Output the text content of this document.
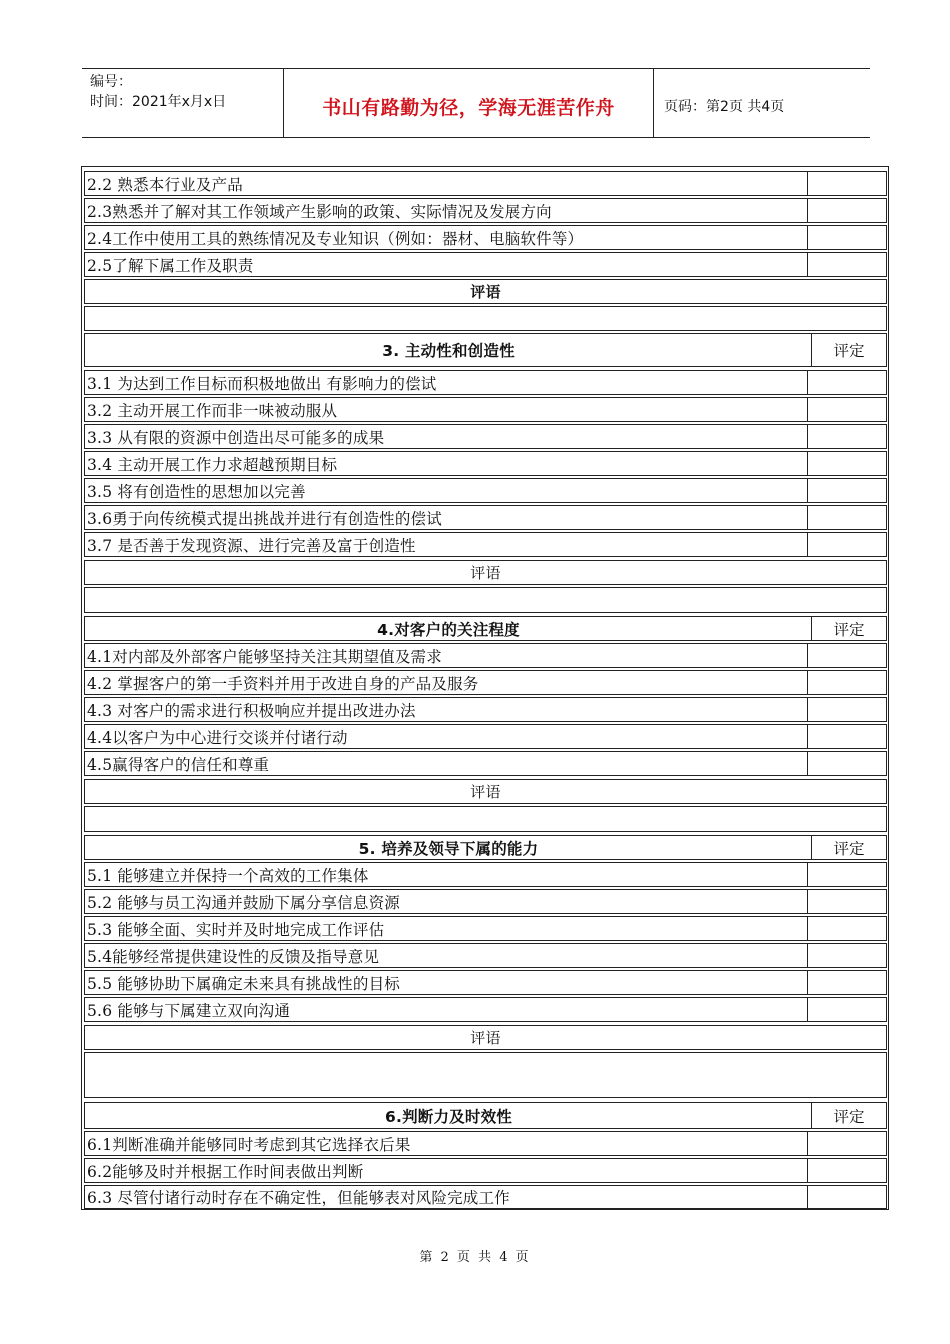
编号：
时间：2021年x月x日	书山有路勤为径，学海无涯苦作舟	页码：第2页 共4页
2.2 熟悉本行业及产品
2.3熟悉并了解对其工作领域产生影响的政策、实际情况及发展方向
2.4工作中使用工具的熟练情况及专业知识（例如：器材、电脑软件等）
2.5了解下属工作及职责
评语
3. 主动性和创造性	评定
3.1 为达到工作目标而积极地做出 有影响力的偿试
3.2 主动开展工作而非一味被动服从
3.3 从有限的资源中创造出尽可能多的成果
3.4 主动开展工作力求超越预期目标
3.5 将有创造性的思想加以完善
3.6勇于向传统模式提出挑战并进行有创造性的偿试
3.7 是否善于发现资源、进行完善及富于创造性
评语
4.对客户的关注程度	评定
4.1对内部及外部客户能够坚持关注其期望值及需求
4.2 掌握客户的第一手资料并用于改进自身的产品及服务
4.3 对客户的需求进行积极响应并提出改进办法
4.4以客户为中心进行交谈并付诸行动
4.5赢得客户的信任和尊重
评语
5. 培养及领导下属的能力	评定
5.1 能够建立并保持一个高效的工作集体
5.2 能够与员工沟通并鼓励下属分享信息资源
5.3 能够全面、实时并及时地完成工作评估
5.4能够经常提供建设性的反馈及指导意见
5.5 能够协助下属确定未来具有挑战性的目标
5.6 能够与下属建立双向沟通
评语
6.判断力及时效性	评定
6.1判断准确并能够同时考虑到其它选择衣后果
6.2能够及时并根据工作时间表做出判断
6.3 尽管付诸行动时存在不确定性，但能够表对风险完成工作
第 2 页 共 4 页
